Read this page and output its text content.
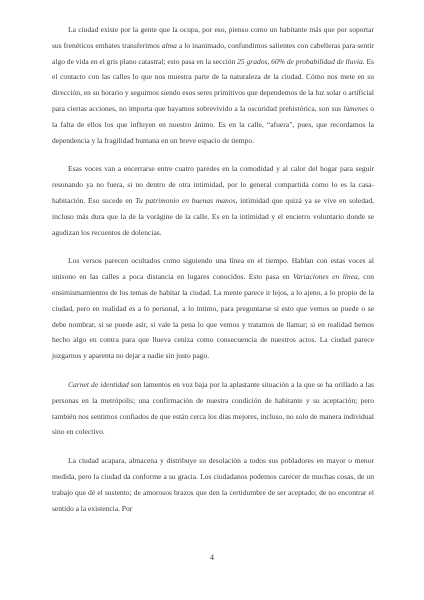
La ciudad existe por la gente que la ocupa, por eso, pienso como un habitante más que por soportar sus frenéticos embates transferimos alma a lo inanimado, confundimos salientes con cabelleras para sentir algo de vida en el gris plano catastral; esto pasa en la sección 25 grados, 60% de probabilidad de lluvia. Es el contacto con las calles lo que nos muestra parte de la naturaleza de la ciudad. Cómo nos mete en su dirección, en su horario y seguimos siendo esos seres primitivos que dependemos de la luz solar o artificial para ciertas acciones, no importa que hayamos sobrevivido a la oscuridad prehistórica, son sus lúmenes o la falta de ellos los que influyen en nuestro ánimo. Es en la calle, “afuera”, pues, que recordamos la dependencia y la fragilidad humana en un breve espacio de tiempo.

Esas voces van a encerrarse entre cuatro paredes en la comodidad y al calor del hogar para seguir resonando ya no fuera, si no dentro de otra intimidad, por lo general compartida como lo es la casa-habitación. Eso sucede en Tu patrimonio en buenas manos, intimidad que quizá ya se vive en soledad, incluso más dura que la de la vorágine de la calle. Es en la intimidad y el encierro voluntario donde se agudizan los recuentos de dolencias.

Los versos parecen ocultados como siguiendo una línea en el tiempo. Hablan con estas voces al unísono en las calles a poca distancia en lugares conocidos. Esto pasa en Variaciones en línea, con ensimismamientos de los temas de habitar la ciudad. La mente parece ir lejos, a lo ajeno, a lo propio de la ciudad, pero en realidad es a lo personal, a lo íntimo, para preguntarse si esto que vemos se puede o se debe nombrar, si se puede asir, si vale la pena lo que vemos y tratamos de llamar; si en realidad hemos hecho algo en contra para que llueva ceniza como consecuencia de nuestros actos. La ciudad parece juzgarnos y aparenta no dejar a nadie sin justo pago.

Carnet de identidad son lamentos en voz baja por la aplastante situación a la que se ha orillado a las personas en la metrópolis; una confirmación de nuestra condición de habitante y su aceptación; pero también nos sentimos confiados de que están cerca los días mejores, incluso, no solo de manera individual sino en colectivo.

La ciudad acapara, almacena y distribuye su desolación a todos sus pobladores en mayor o menor medida, pero la ciudad da conforme a su gracia. Los ciudadanos podemos carecer de muchas cosas, de un trabajo que dé el sustento; de amorosos brazos que den la certidumbre de ser aceptado; de no encontrar el sentido a la existencia. Por

4
